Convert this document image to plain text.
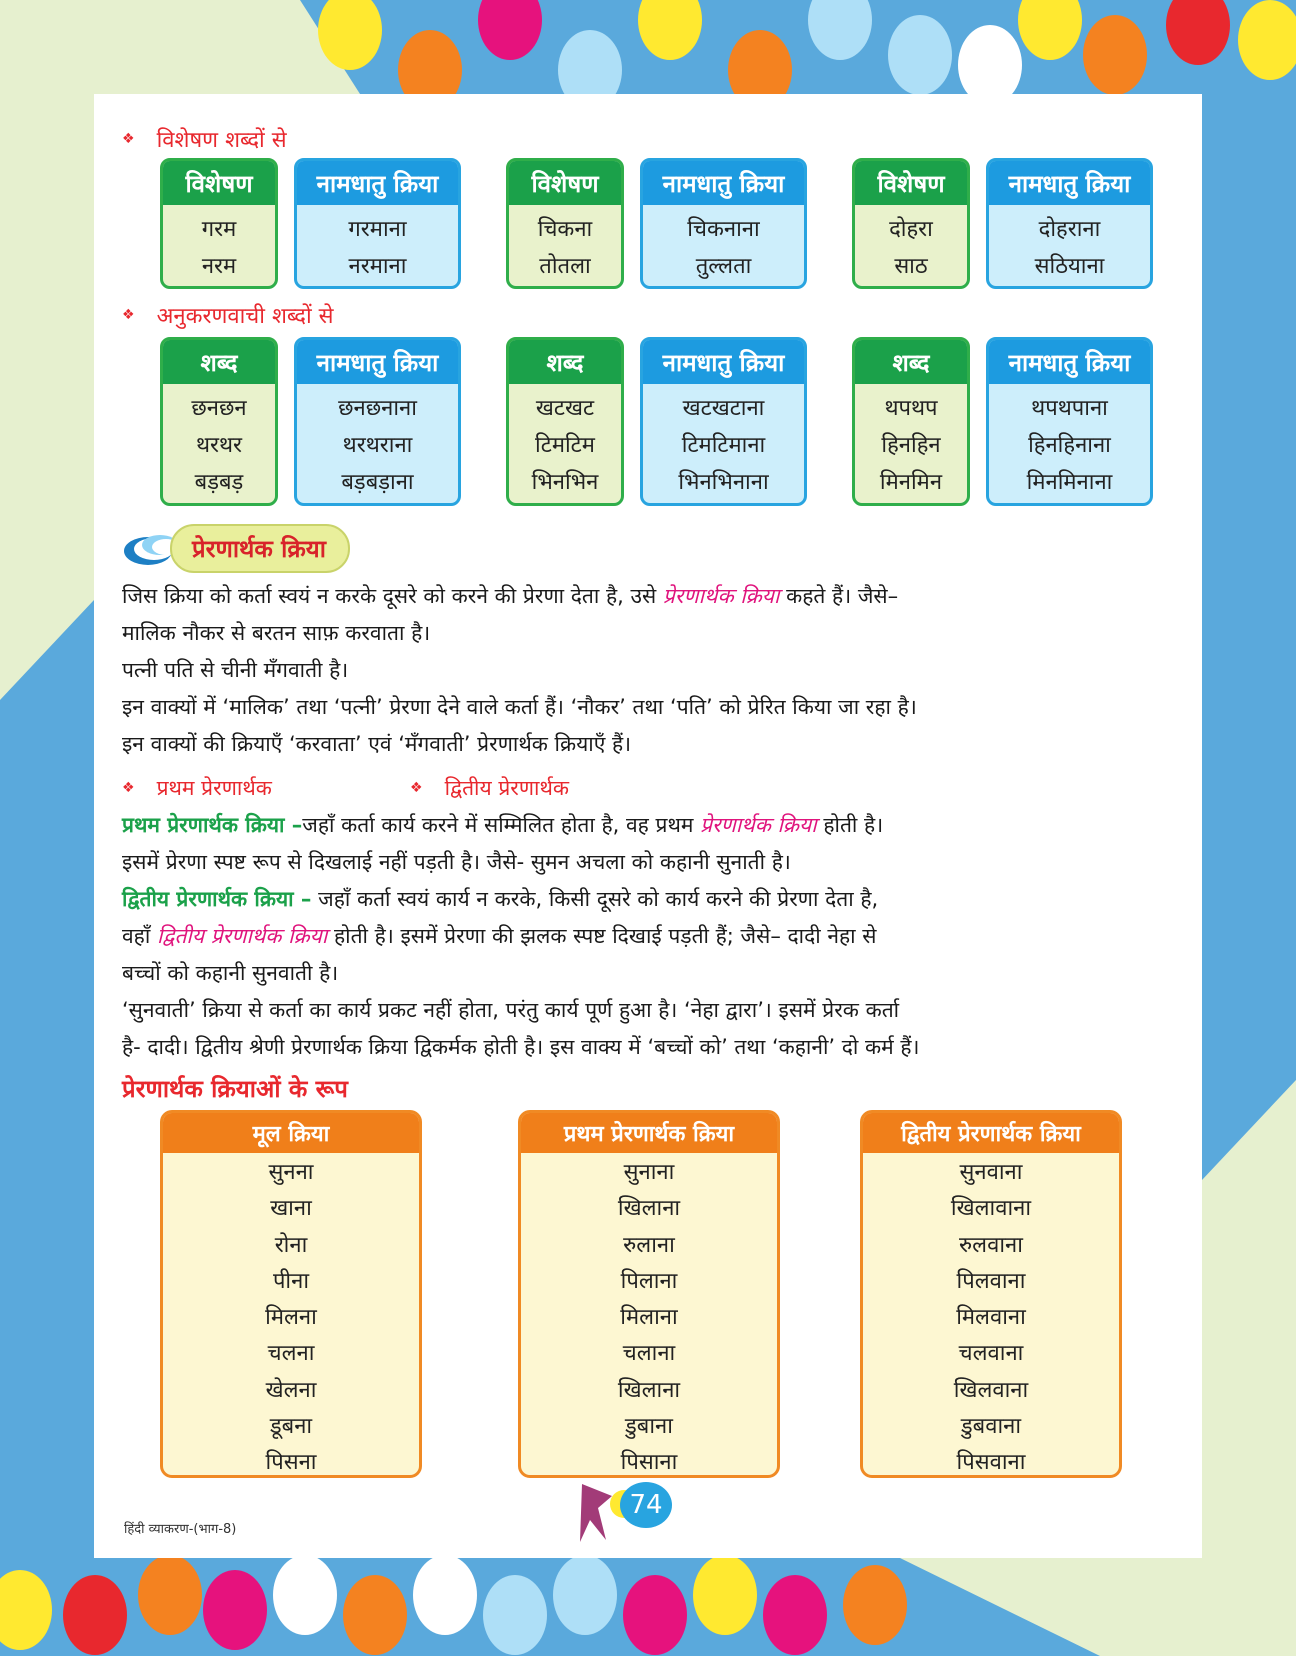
❖ विशेषण शब्दों से
विशेषण
गरम
नरम
नामधातु क्रिया
गरमाना
नरमाना
विशेषण
चिकना
तोतला
नामधातु क्रिया
चिकनाना
तुल्लता
विशेषण
दोहरा
साठ
नामधातु क्रिया
दोहराना
सठियाना
❖ अनुकरणवाची शब्दों से
शब्द
छनछन
थरथर
बड़बड़
नामधातु क्रिया
छनछनाना
थरथराना
बड़बड़ाना
शब्द
खटखट
टिमटिम
भिनभिन
नामधातु क्रिया
खटखटाना
टिमटिमाना
भिनभिनाना
शब्द
थपथप
हिनहिन
मिनमिन
नामधातु क्रिया
थपथपाना
हिनहिनाना
मिनमिनाना
प्रेरणार्थक क्रिया
जिस क्रिया को कर्ता स्वयं न करके दूसरे को करने की प्रेरणा देता है, उसे प्रेरणार्थक क्रिया कहते हैं। जैसे–
मालिक नौकर से बरतन साफ़ करवाता है।
पत्नी पति से चीनी मँगवाती है।
इन वाक्यों में ‘मालिक’ तथा ‘पत्नी’ प्रेरणा देने वाले कर्ता हैं। ‘नौकर’ तथा ‘पति’ को प्रेरित किया जा रहा है।
इन वाक्यों की क्रियाएँ ‘करवाता’ एवं ‘मँगवाती’ प्रेरणार्थक क्रियाएँ हैं।
❖ प्रथम प्रेरणार्थक	❖ द्वितीय प्रेरणार्थक
प्रथम प्रेरणार्थक क्रिया –जहाँ कर्ता कार्य करने में सम्मिलित होता है, वह प्रथम प्रेरणार्थक क्रिया होती है।
इसमें प्रेरणा स्पष्ट रूप से दिखलाई नहीं पड़ती है। जैसे- सुमन अचला को कहानी सुनाती है।
द्वितीय प्रेरणार्थक क्रिया – जहाँ कर्ता स्वयं कार्य न करके, किसी दूसरे को कार्य करने की प्रेरणा देता है,
वहाँ द्वितीय प्रेरणार्थक क्रिया होती है। इसमें प्रेरणा की झलक स्पष्ट दिखाई पड़ती हैं; जैसे– दादी नेहा से
बच्चों को कहानी सुनवाती है।
‘सुनवाती’ क्रिया से कर्ता का कार्य प्रकट नहीं होता, परंतु कार्य पूर्ण हुआ है। ‘नेहा द्वारा’। इसमें प्रेरक कर्ता
है- दादी। द्वितीय श्रेणी प्रेरणार्थक क्रिया द्विकर्मक होती है। इस वाक्य में ‘बच्चों को’ तथा ‘कहानी’ दो कर्म हैं।
प्रेरणार्थक क्रियाओं के रूप
मूल क्रिया
सुनना
खाना
रोना
पीना
मिलना
चलना
खेलना
डूबना
पिसना
प्रथम प्रेरणार्थक क्रिया
सुनाना
खिलाना
रुलाना
पिलाना
मिलाना
चलाना
खिलाना
डुबाना
पिसाना
द्वितीय प्रेरणार्थक क्रिया
सुनवाना
खिलावाना
रुलवाना
पिलवाना
मिलवाना
चलवाना
खिलवाना
डुबवाना
पिसवाना
हिंदी व्याकरण-(भाग-8)
74
